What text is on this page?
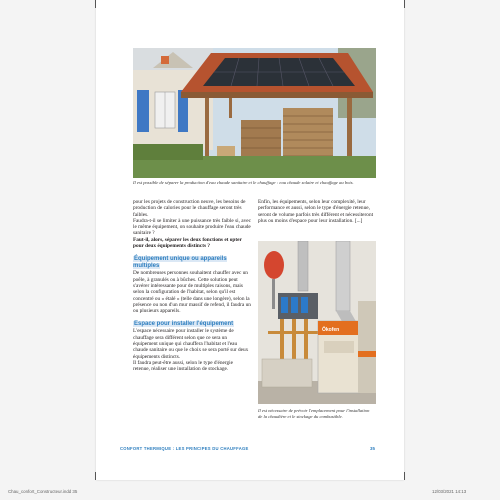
Il est possible de séparer la production d'eau chaude sanitaire et le chauffage : eau chaude solaire et chauffage au bois.

pour les projets de construction neuve, les besoins de production de calories pour le chauffage seront très faibles.

Faudra-t-il se limiter à une puissance très faible si, avec le même équipement, on souhaite produire l'eau chaude sanitaire ?

Faut-il, alors, séparer les deux fonctions et opter pour deux équipements distincts ?

Équipement unique ou appareils multiples

De nombreuses personnes souhaitent chauffer avec un poêle, à granulés ou à bûches. Cette solution peut s'avérer intéressante pour de multiples raisons, mais selon la configuration de l'habitat, selon qu'il est concentré ou « étalé » (telle dans une longère), selon la présence ou non d'un mur massif de refend, il faudra un ou plusieurs appareils.

Espace pour installer l'équipement

L'espace nécessaire pour installer le système de chauffage sera différent selon que ce sera un équipement unique qui chauffera l'habitat et l'eau chaude sanitaire ou que le choix se sera porté sur deux équipements distincts.

Il faudra peut-être aussi, selon le type d'énergie retenue, réaliser une installation de stockage.

Enfin, les équipements, selon leur complexité, leur performance et aussi, selon le type d'énergie retenue, seront de volume parfois très différent et nécessiteront plus ou moins d'espace pour leur installation. [...]
Ökofen
Il est nécessaire de prévoir l'emplacement pour l'installation de la chaudière et le stockage du combustible.
CONFORT THERMIQUE : LES PRINCIPES DU CHAUFFAGE	35
Chau_confort_Constructeur.indd 35	12/03/2021 14:13
